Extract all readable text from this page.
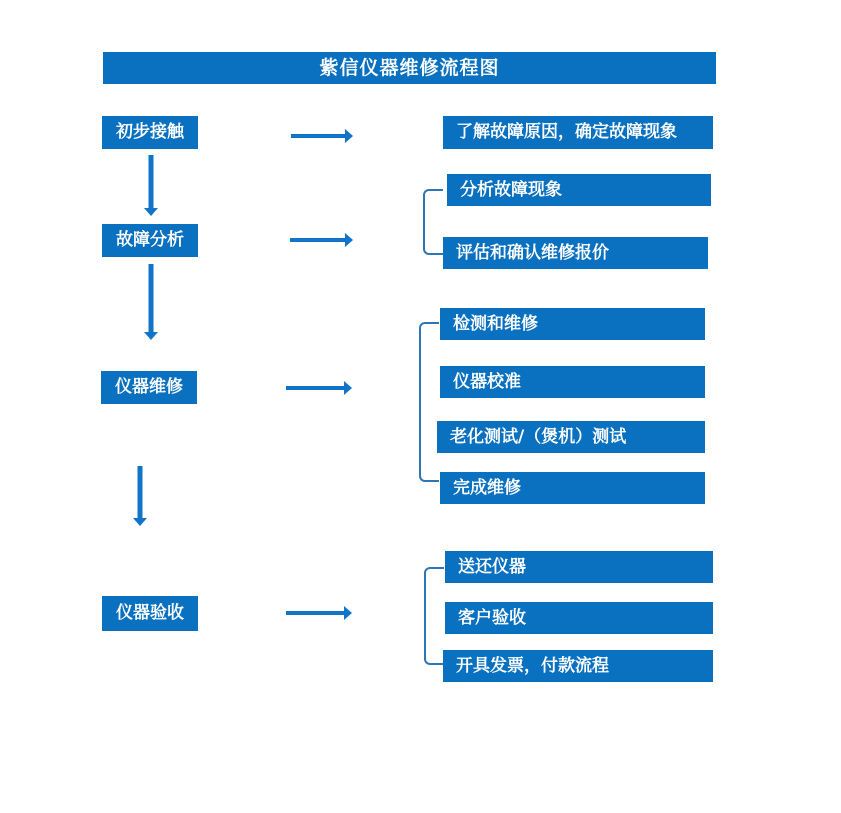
紫信仪器维修流程图
初步接触
故障分析
仪器维修
仪器验收
了解故障原因，确定故障现象
分析故障现象
评估和确认维修报价
检测和维修
仪器校准
老化测试/（煲机）测试
完成维修
送还仪器
客户验收
开具发票，付款流程
